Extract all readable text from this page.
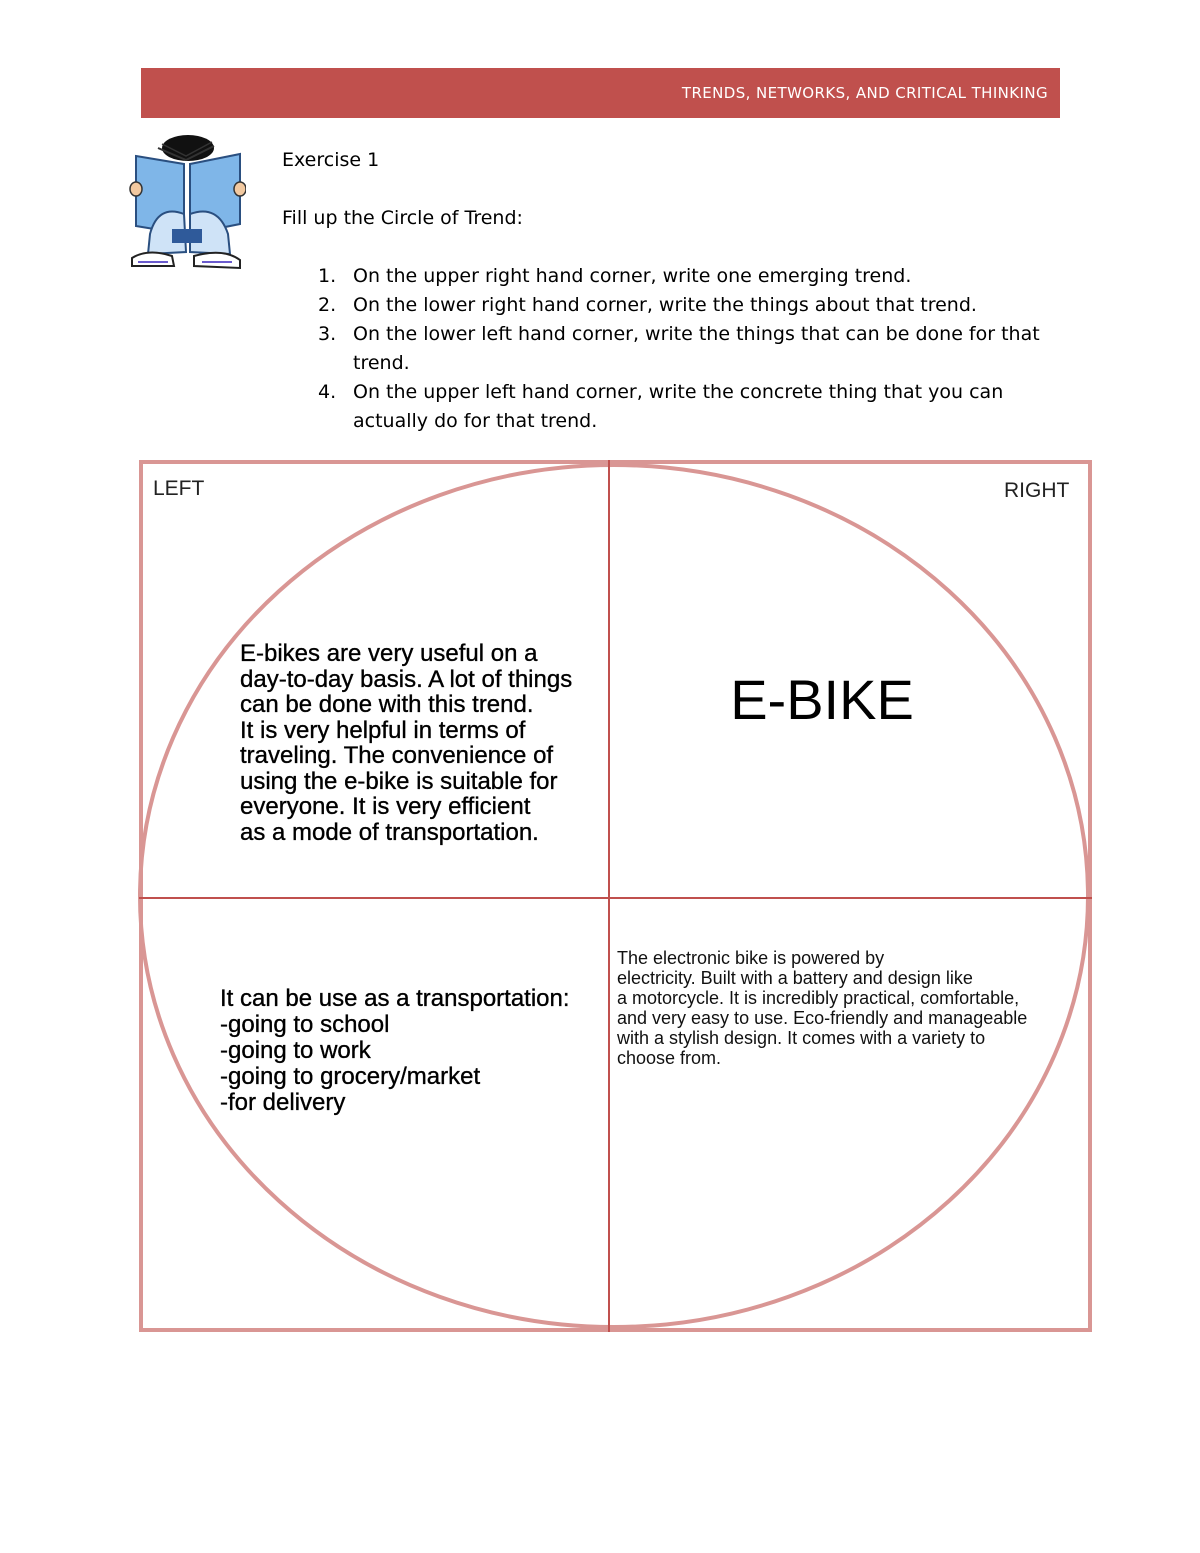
TRENDS, NETWORKS, AND CRITICAL THINKING
Exercise 1
Fill up the Circle of Trend:
1. On the upper right hand corner, write one emerging trend.
2. On the lower right hand corner, write the things about that trend.
3. On the lower left hand corner, write the things that can be done for that trend.
4. On the upper left hand corner, write the concrete thing that you can actually do for that trend.
LEFT	RIGHT
E-bikes are very useful on a
day-to-day basis. A lot of things
can be done with this trend.
It is very helpful in terms of
traveling. The convenience of
using the e-bike is suitable for
everyone. It is very efficient
as a mode of transportation.
E-BIKE
It can be use as a transportation:
-going to school
-going to work
-going to grocery/market
-for delivery
The electronic bike is powered by
electricity. Built with a battery and design like
a motorcycle. It is incredibly practical, comfortable,
and very easy to use. Eco-friendly and manageable
with a stylish design. It comes with a variety to
choose from.
